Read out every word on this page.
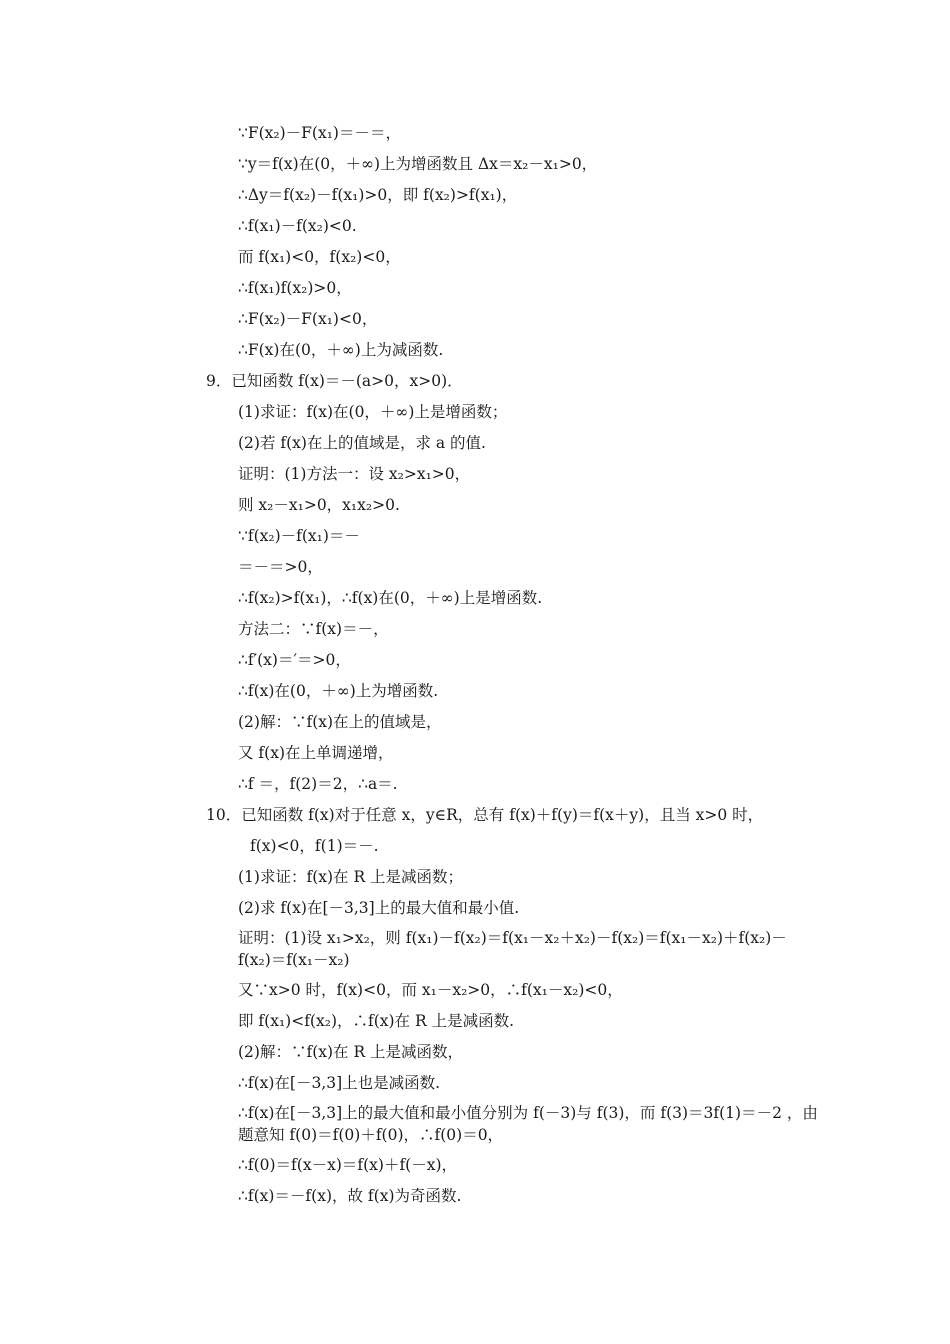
∵F(x₂)－F(x₁)＝－＝，

∵y＝f(x)在(0，＋∞)上为增函数且 Δx＝x₂－x₁>0，

∴Δy＝f(x₂)－f(x₁)>0，即 f(x₂)>f(x₁)，

∴f(x₁)－f(x₂)<0.

而 f(x₁)<0，f(x₂)<0，

∴f(x₁)f(x₂)>0，

∴F(x₂)－F(x₁)<0，

∴F(x)在(0，＋∞)上为减函数.

9．已知函数 f(x)＝－(a>0，x>0)．

(1)求证：f(x)在(0，＋∞)上是增函数；

(2)若 f(x)在上的值域是，求 a 的值.

证明：(1)方法一：设 x₂>x₁>0，

则 x₂－x₁>0，x₁x₂>0.

∵f(x₂)－f(x₁)＝－

＝－＝>0，

∴f(x₂)>f(x₁)，∴f(x)在(0，＋∞)上是增函数.

方法二：∵f(x)＝－，

∴f′(x)＝′＝>0，

∴f(x)在(0，＋∞)上为增函数.

(2)解：∵f(x)在上的值域是，

又 f(x)在上单调递增，

∴f ＝，f(2)＝2，∴a＝.

10．已知函数 f(x)对于任意 x，y∈R，总有 f(x)＋f(y)＝f(x＋y)，且当 x>0 时，

f(x)<0，f(1)＝－.

(1)求证：f(x)在 R 上是减函数；

(2)求 f(x)在[－3,3]上的最大值和最小值.

证明：(1)设 x₁>x₂，则 f(x₁)－f(x₂)＝f(x₁－x₂＋x₂)－f(x₂)＝f(x₁－x₂)＋f(x₂)－f(x₂)＝f(x₁－x₂)

又∵x>0 时，f(x)<0，而 x₁－x₂>0，∴f(x₁－x₂)<0，

即 f(x₁)<f(x₂)，∴f(x)在 R 上是减函数.

(2)解：∵f(x)在 R 上是减函数，

∴f(x)在[－3,3]上也是减函数.

∴f(x)在[－3,3]上的最大值和最小值分别为 f(－3)与 f(3)，而 f(3)＝3f(1)＝－2 ，由题意知 f(0)＝f(0)＋f(0)，∴f(0)＝0，

∴f(0)＝f(x－x)＝f(x)＋f(－x)，

∴f(x)＝－f(x)，故 f(x)为奇函数.
